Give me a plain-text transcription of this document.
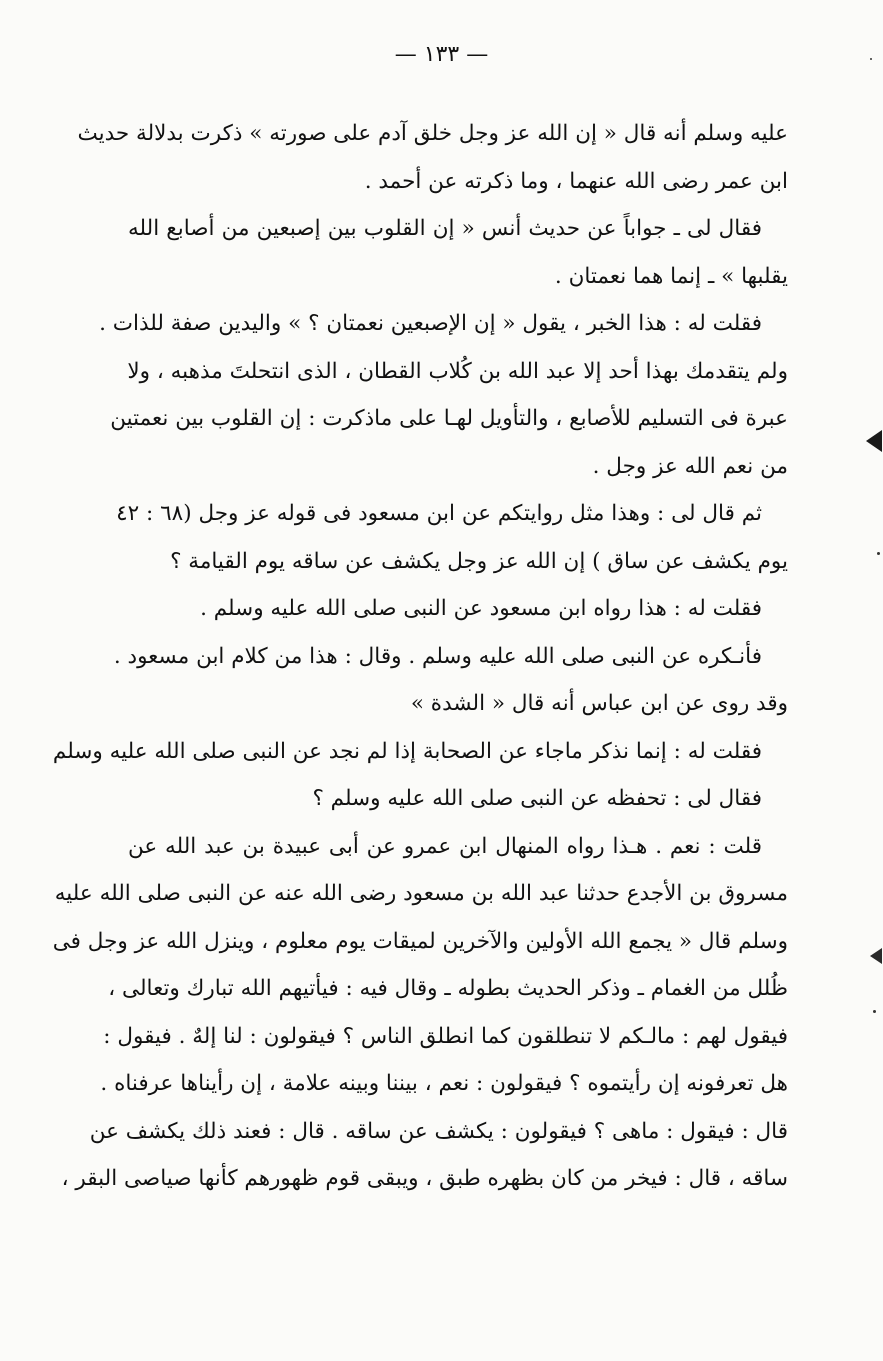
— ١٣٣ —
عليه وسلم أنه قال « إن الله عز وجل خلق آدم على صورته » ذكرت بدلالة حديث
ابن عمر رضى الله عنهما ، وما ذكرته عن أحمد .
فقال لى ـ جواباً عن حديث أنس « إن القلوب بين إصبعين من أصابع الله
يقلبها » ـ إنما هما نعمتان .
فقلت له : هذا الخبر ، يقول « إن الإصبعين نعمتان ؟ » واليدين صفة للذات .
ولم يتقدمك بهذا أحد إلا عبد الله بن كُلاب القطان ، الذى انتحلتَ مذهبه ، ولا
عبرة فى التسليم للأصابع ، والتأويل لهـا على ماذكرت : إن القلوب بين نعمتين
من نعم الله عز وجل .
ثم قال لى : وهذا مثل روايتكم عن ابن مسعود فى قوله عز وجل (٦٨ : ٤٢
يوم يكشف عن ساق ) إن الله عز وجل يكشف عن ساقه يوم القيامة ؟
فقلت له : هذا رواه ابن مسعود عن النبى صلى الله عليه وسلم .
فأنـكره عن النبى صلى الله عليه وسلم . وقال : هذا من كلام ابن مسعود .
وقد روى عن ابن عباس أنه قال « الشدة »
فقلت له : إنما نذكر ماجاء عن الصحابة إذا لم نجد عن النبى صلى الله عليه وسلم
فقال لى : تحفظه عن النبى صلى الله عليه وسلم ؟
قلت : نعم . هـذا رواه المنهال ابن عمرو عن أبى عبيدة بن عبد الله عن
مسروق بن الأجدع حدثنا عبد الله بن مسعود رضى الله عنه عن النبى صلى الله عليه
وسلم قال « يجمع الله الأولين والآخرين لميقات يوم معلوم ، وينزل الله عز وجل فى
ظُلل من الغمام ـ وذكر الحديث بطوله ـ وقال فيه : فيأتيهم الله تبارك وتعالى ،
فيقول لهم : مالـكم لا تنطلقون كما انطلق الناس ؟ فيقولون : لنا إلهٌ . فيقول :
هل تعرفونه إن رأيتموه ؟ فيقولون : نعم ، بيننا وبينه علامة ، إن رأيناها عرفناه .
قال : فيقول : ماهى ؟ فيقولون : يكشف عن ساقه . قال : فعند ذلك يكشف عن
ساقه ، قال : فيخر من كان بظهره طبق ، ويبقى قوم ظهورهم كأنها صياصى البقر ،
